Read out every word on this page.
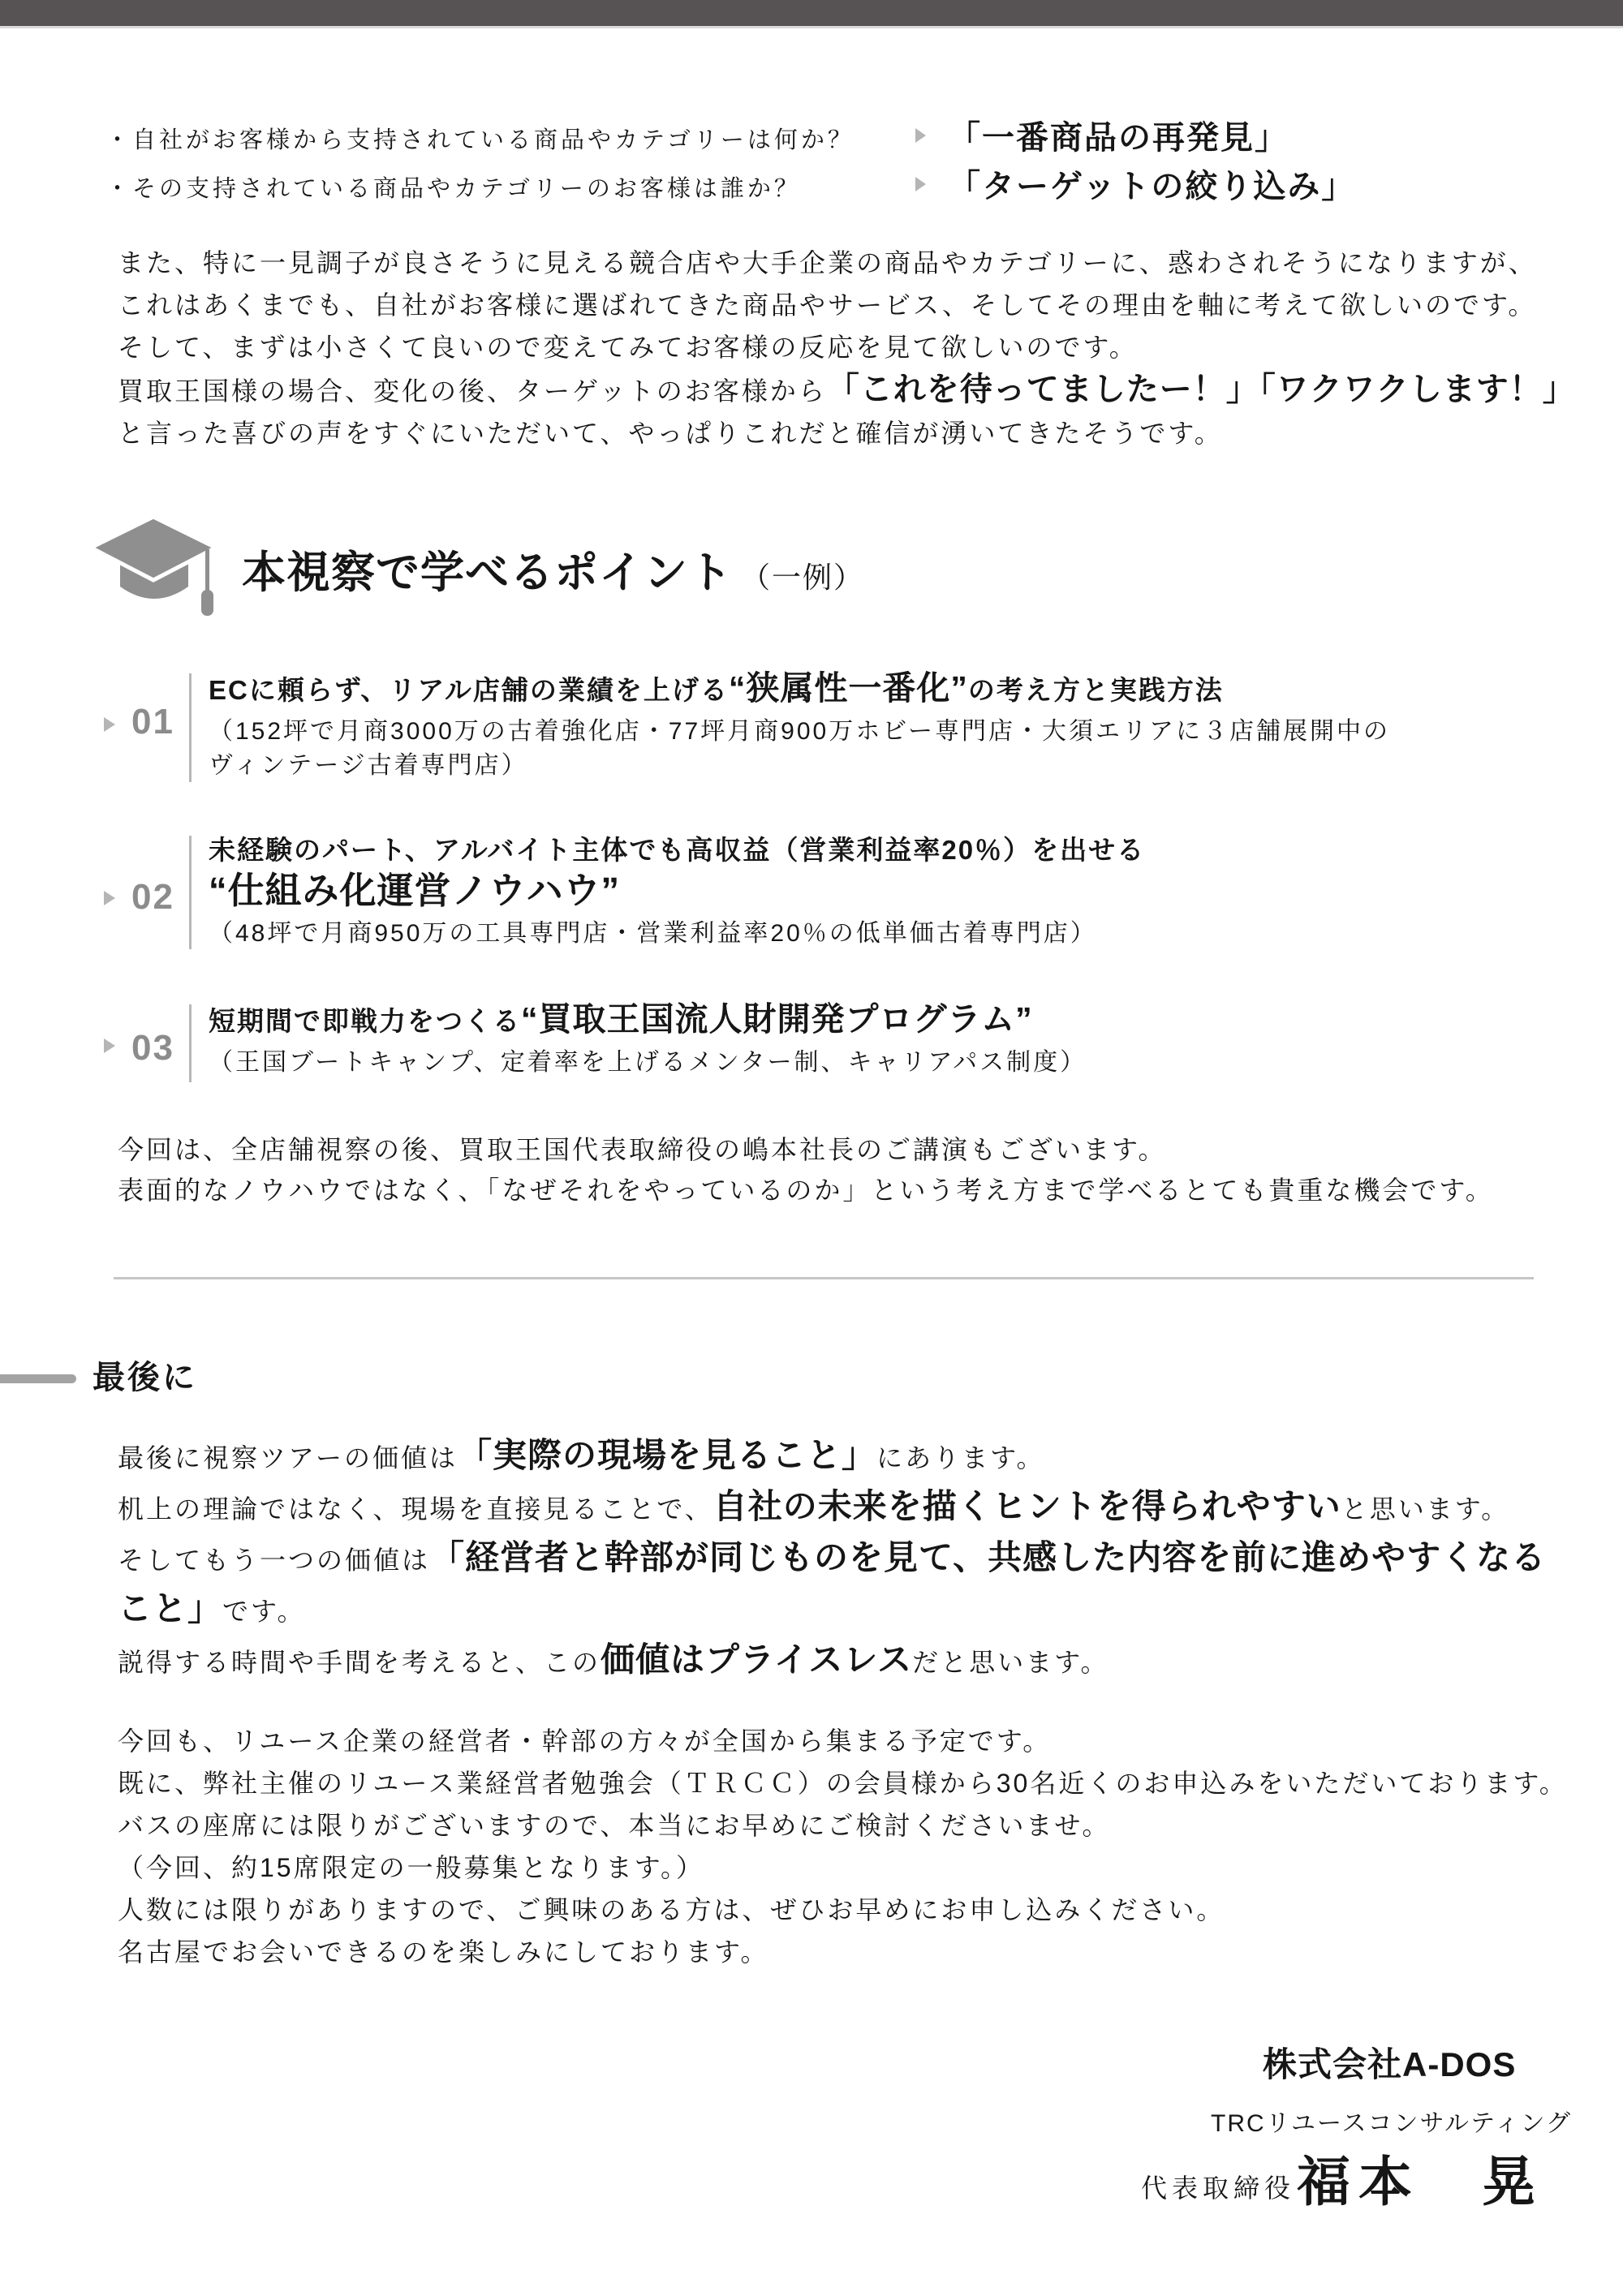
・自社がお客様から支持されている商品やカテゴリーは何か？	「一番商品の再発見」
・その支持されている商品やカテゴリーのお客様は誰か？	「ターゲットの絞り込み」
また、特に一見調子が良さそうに見える競合店や大手企業の商品やカテゴリーに、惑わされそうになりますが、
これはあくまでも、自社がお客様に選ばれてきた商品やサービス、そしてその理由を軸に考えて欲しいのです。
そして、まずは小さくて良いので変えてみてお客様の反応を見て欲しいのです。
買取王国様の場合、変化の後、ターゲットのお客様から「これを待ってましたー！」「ワクワクします！」
と言った喜びの声をすぐにいただいて、やっぱりこれだと確信が湧いてきたそうです。
本視察で学べるポイント （一例）
01
ECに頼らず、リアル店舗の業績を上げる“狭属性一番化”の考え方と実践方法
（152坪で月商3000万の古着強化店・77坪月商900万ホビー専門店・大須エリアに３店舗展開中の
ヴィンテージ古着専門店）
02
未経験のパート、アルバイト主体でも高収益（営業利益率20％）を出せる
“仕組み化運営ノウハウ”
（48坪で月商950万の工具専門店・営業利益率20％の低単価古着専門店）
03
短期間で即戦力をつくる“買取王国流人財開発プログラム”
（王国ブートキャンプ、定着率を上げるメンター制、キャリアパス制度）
今回は、全店舗視察の後、買取王国代表取締役の嶋本社長のご講演もございます。
表面的なノウハウではなく、「なぜそれをやっているのか」という考え方まで学べるとても貴重な機会です。
最後に
最後に視察ツアーの価値は「実際の現場を見ること」にあります。
机上の理論ではなく、現場を直接見ることで、自社の未来を描くヒントを得られやすいと思います。
そしてもう一つの価値は「経営者と幹部が同じものを見て、共感した内容を前に進めやすくなる
こと」です。
説得する時間や手間を考えると、この価値はプライスレスだと思います。
今回も、リユース企業の経営者・幹部の方々が全国から集まる予定です。
既に、弊社主催のリユース業経営者勉強会（ＴＲＣＣ）の会員様から30名近くのお申込みをいただいております。
バスの座席には限りがございますので、本当にお早めにご検討くださいませ。
（今回、約15席限定の一般募集となります。）
人数には限りがありますので、ご興味のある方は、ぜひお早めにお申し込みください。
名古屋でお会いできるのを楽しみにしております。
株式会社A-DOS
TRCリユースコンサルティング
代表取締役 福本　晃
